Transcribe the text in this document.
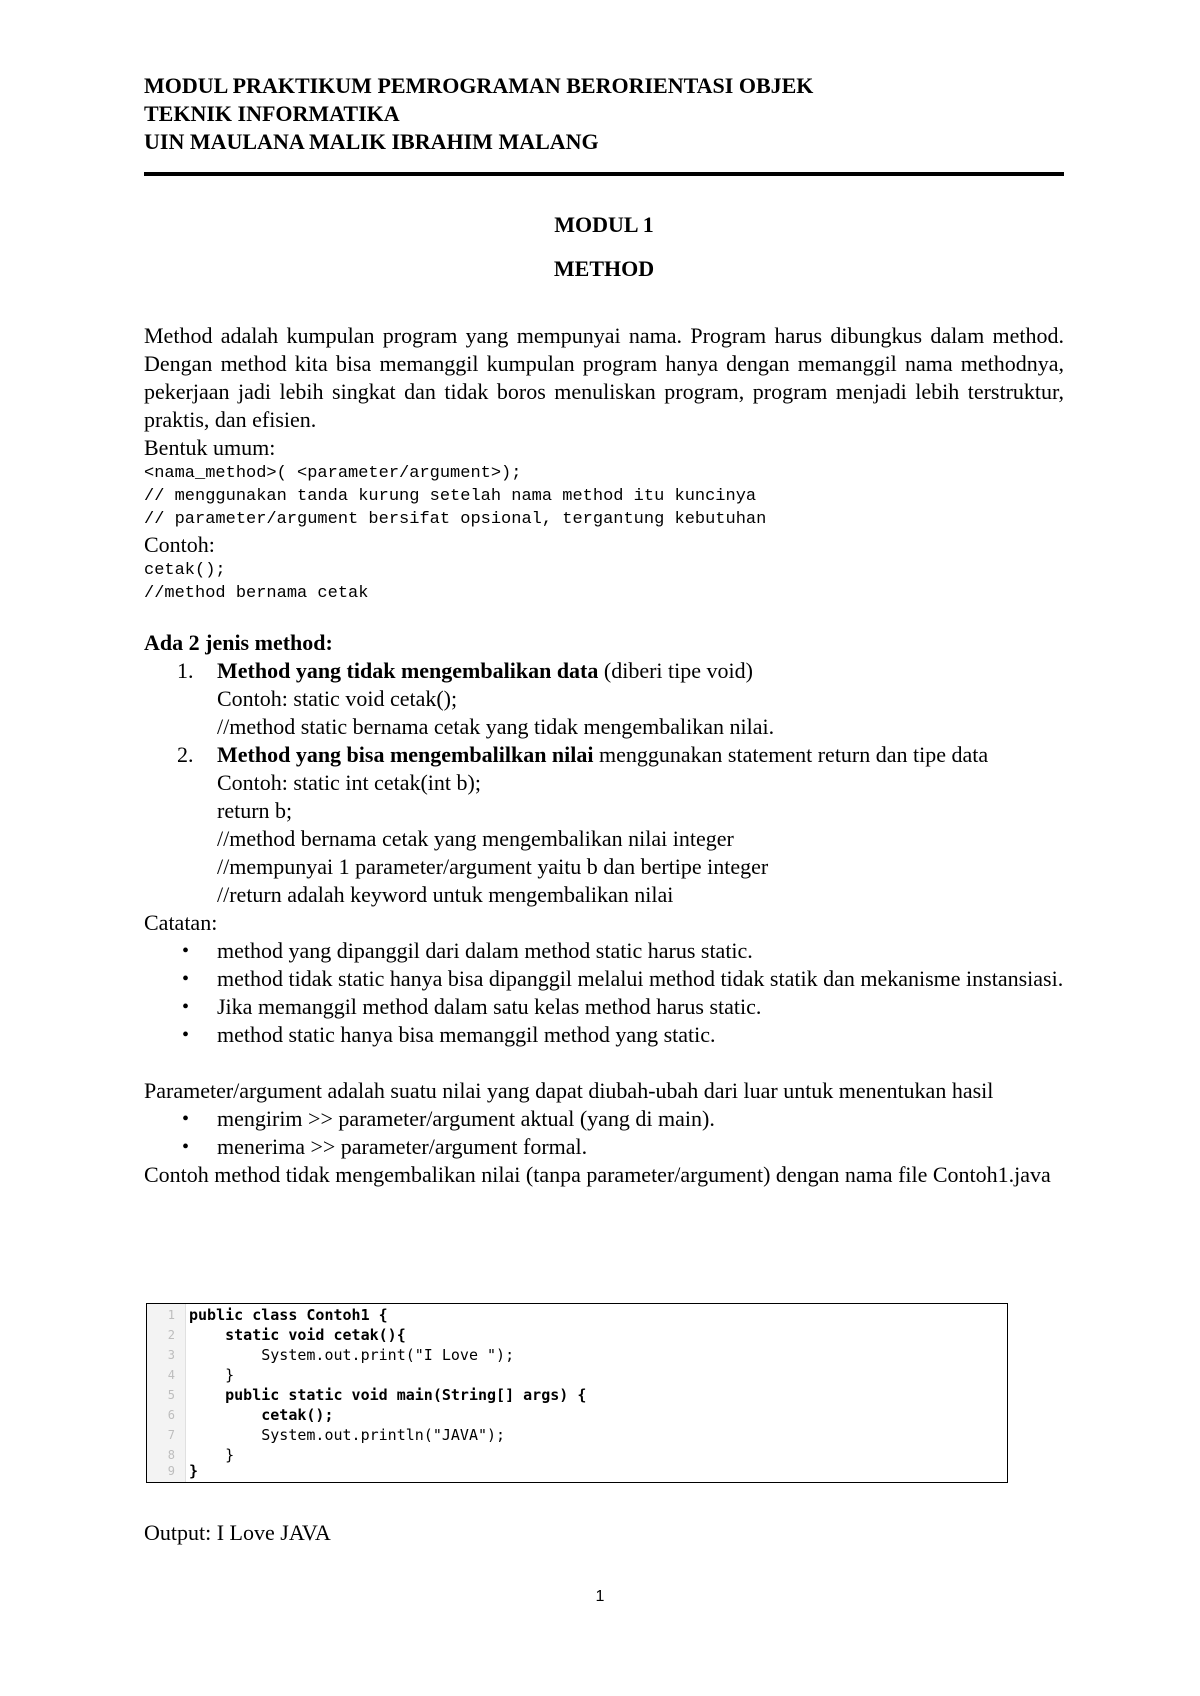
MODUL PRAKTIKUM PEMROGRAMAN BERORIENTASI OBJEK
TEKNIK INFORMATIKA
UIN MAULANA MALIK IBRAHIM MALANG
MODUL 1
METHOD

Method adalah kumpulan program yang mempunyai nama. Program harus dibungkus dalam method. Dengan method kita bisa memanggil kumpulan program hanya dengan memanggil nama methodnya, pekerjaan jadi lebih singkat dan tidak boros menuliskan program, program menjadi lebih terstruktur, praktis, dan efisien.

Bentuk umum:

<nama_method>( <parameter/argument>);

// menggunakan tanda kurung setelah nama method itu kuncinya

// parameter/argument bersifat opsional, tergantung kebutuhan

Contoh:

cetak();

//method bernama cetak

Ada 2 jenis method:

1. Method yang tidak mengembalikan data (diberi tipe void)
Contoh: static void cetak();
//method static bernama cetak yang tidak mengembalikan nilai.
2. Method yang bisa mengembalilkan nilai menggunakan statement return dan tipe data
Contoh: static int cetak(int b);
return b;
//method bernama cetak yang mengembalikan nilai integer
//mempunyai 1 parameter/argument yaitu b dan bertipe integer
//return adalah keyword untuk mengembalikan nilai

Catatan:

• method yang dipanggil dari dalam method static harus static.
• method tidak static hanya bisa dipanggil melalui method tidak statik dan mekanisme instansiasi.
• Jika memanggil method dalam satu kelas method harus static.
• method static hanya bisa memanggil method yang static.

Parameter/argument adalah suatu nilai yang dapat diubah-ubah dari luar untuk menentukan hasil

• mengirim >> parameter/argument aktual (yang di main).
• menerima >> parameter/argument formal.

Contoh method tidak mengembalikan nilai (tanpa parameter/argument) dengan nama file Contoh1.java

1 public class Contoh1 {
2 static void cetak(){
3 System.out.print("I Love ");
4 }
5 public static void main(String[] args) {
6 cetak();
7 System.out.println("JAVA");
8 }
9 }
Output: I Love JAVA
1
